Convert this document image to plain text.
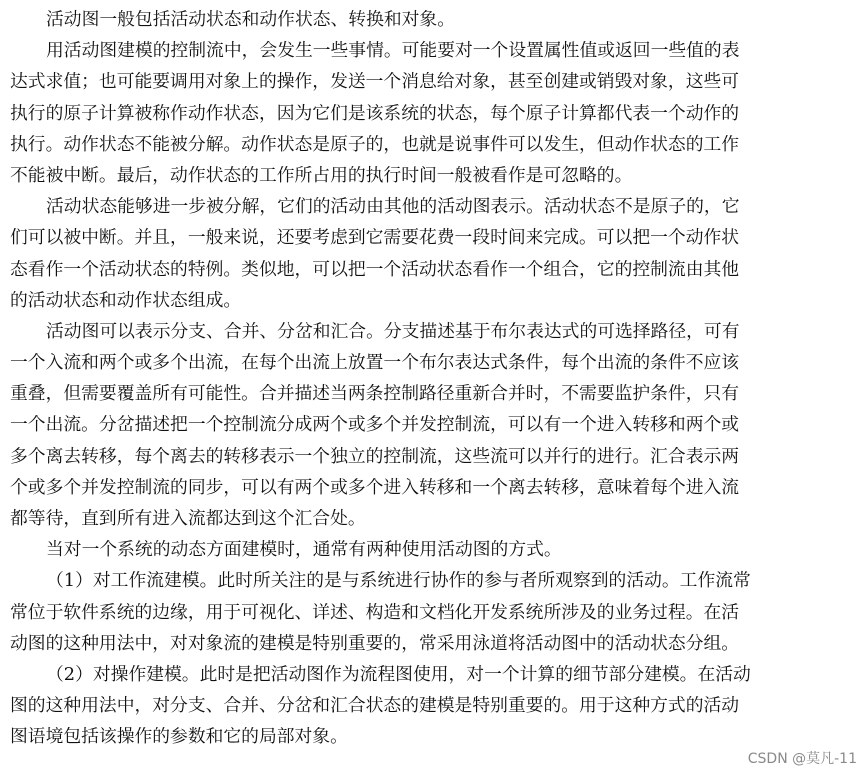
活动图一般包括活动状态和动作状态、转换和对象。
用活动图建模的控制流中，会发生一些事情。可能要对一个设置属性值或返回一些值的表
达式求值；也可能要调用对象上的操作，发送一个消息给对象，甚至创建或销毁对象，这些可
执行的原子计算被称作动作状态，因为它们是该系统的状态，每个原子计算都代表一个动作的
执行。动作状态不能被分解。动作状态是原子的，也就是说事件可以发生，但动作状态的工作
不能被中断。最后，动作状态的工作所占用的执行时间一般被看作是可忽略的。
活动状态能够进一步被分解，它们的活动由其他的活动图表示。活动状态不是原子的，它
们可以被中断。并且，一般来说，还要考虑到它需要花费一段时间来完成。可以把一个动作状
态看作一个活动状态的特例。类似地，可以把一个活动状态看作一个组合，它的控制流由其他
的活动状态和动作状态组成。
活动图可以表示分支、合并、分岔和汇合。分支描述基于布尔表达式的可选择路径，可有
一个入流和两个或多个出流，在每个出流上放置一个布尔表达式条件，每个出流的条件不应该
重叠，但需要覆盖所有可能性。合并描述当两条控制路径重新合并时，不需要监护条件，只有
一个出流。分岔描述把一个控制流分成两个或多个并发控制流，可以有一个进入转移和两个或
多个离去转移，每个离去的转移表示一个独立的控制流，这些流可以并行的进行。汇合表示两
个或多个并发控制流的同步，可以有两个或多个进入转移和一个离去转移，意味着每个进入流
都等待，直到所有进入流都达到这个汇合处。
当对一个系统的动态方面建模时，通常有两种使用活动图的方式。
（1）对工作流建模。此时所关注的是与系统进行协作的参与者所观察到的活动。工作流常
常位于软件系统的边缘，用于可视化、详述、构造和文档化开发系统所涉及的业务过程。在活
动图的这种用法中，对对象流的建模是特别重要的，常采用泳道将活动图中的活动状态分组。
（2）对操作建模。此时是把活动图作为流程图使用，对一个计算的细节部分建模。在活动
图的这种用法中，对分支、合并、分岔和汇合状态的建模是特别重要的。用于这种方式的活动
图语境包括该操作的参数和它的局部对象。
CSDN @莫凡-11
